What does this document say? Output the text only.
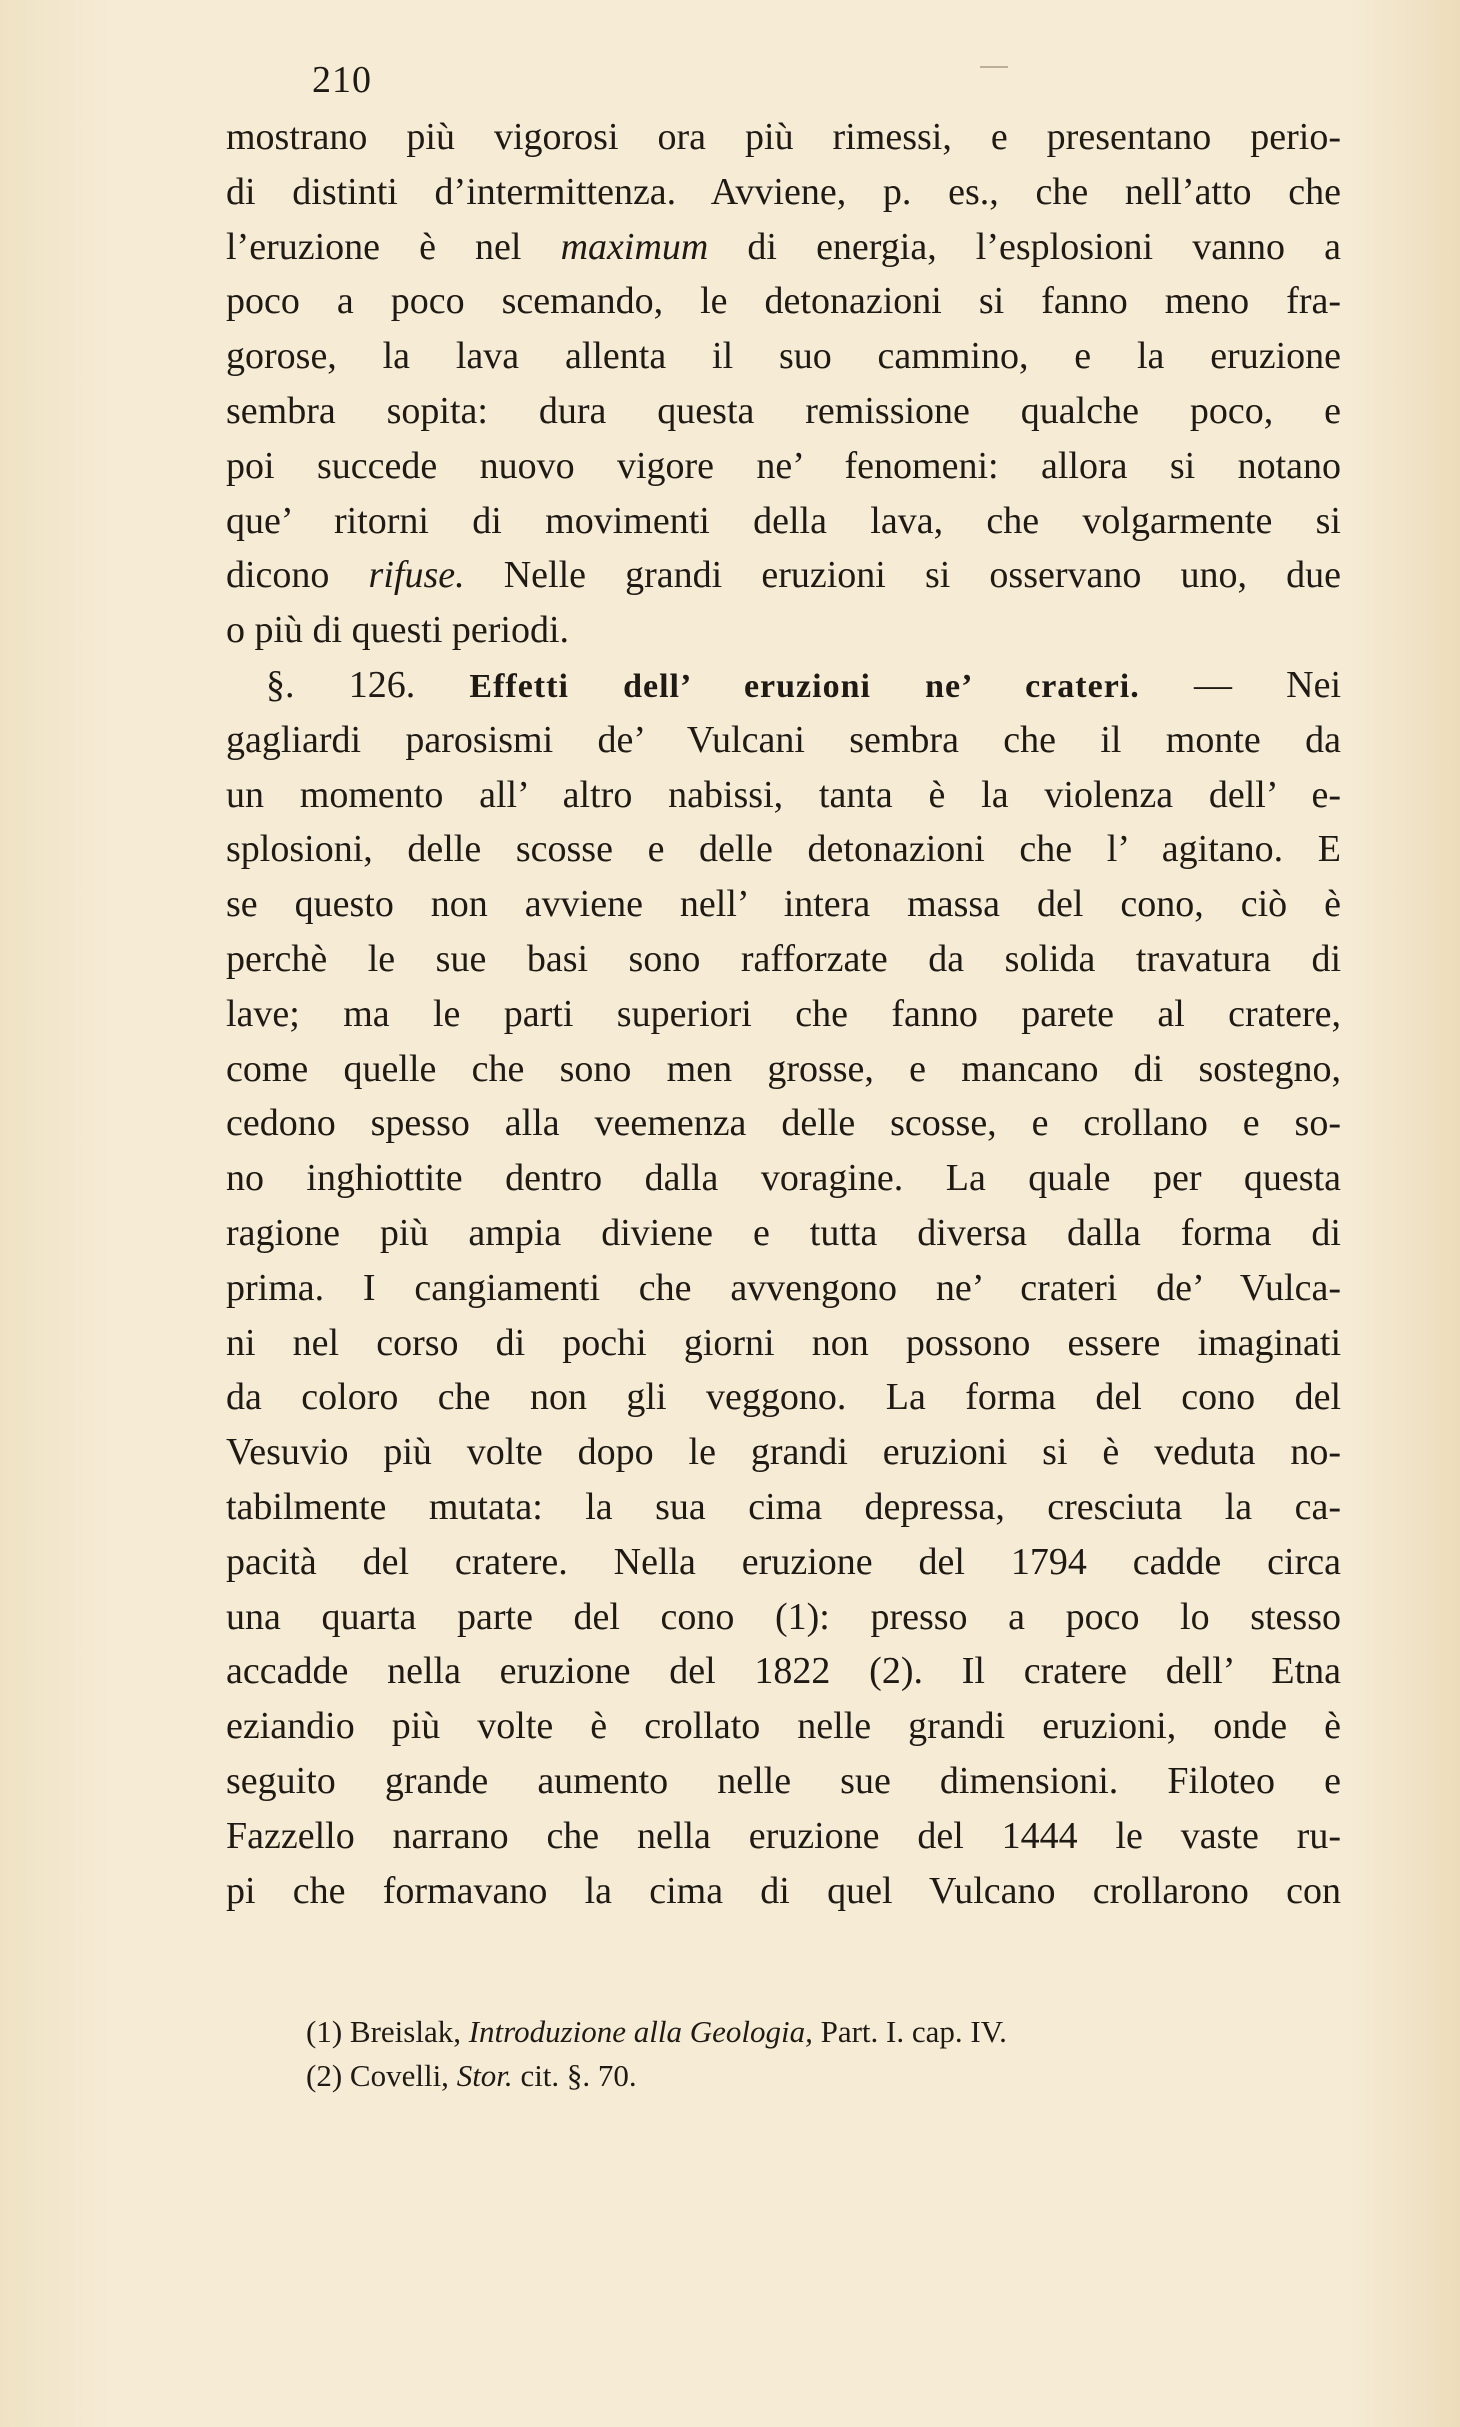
210
mostrano più vigorosi ora più rimessi, e presentano perio-
di distinti d’intermittenza. Avviene, p. es., che nell’atto che
l’eruzione è nel maximum di energia, l’esplosioni vanno a
poco a poco scemando, le detonazioni si fanno meno fra-
gorose, la lava allenta il suo cammino, e la eruzione
sembra sopita: dura questa remissione qualche poco, e
poi succede nuovo vigore ne’ fenomeni: allora si notano
que’ ritorni di movimenti della lava, che volgarmente si
dicono rifuse. Nelle grandi eruzioni si osservano uno, due
o più di questi periodi.
§. 126. Effetti dell’ eruzioni ne’ crateri. — Nei
gagliardi parosismi de’ Vulcani sembra che il monte da
un momento all’ altro nabissi, tanta è la violenza dell’ e-
splosioni, delle scosse e delle detonazioni che l’ agitano. E
se questo non avviene nell’ intera massa del cono, ciò è
perchè le sue basi sono rafforzate da solida travatura di
lave; ma le parti superiori che fanno parete al cratere,
come quelle che sono men grosse, e mancano di sostegno,
cedono spesso alla veemenza delle scosse, e crollano e so-
no inghiottite dentro dalla voragine. La quale per questa
ragione più ampia diviene e tutta diversa dalla forma di
prima. I cangiamenti che avvengono ne’ crateri de’ Vulca-
ni nel corso di pochi giorni non possono essere imaginati
da coloro che non gli veggono. La forma del cono del
Vesuvio più volte dopo le grandi eruzioni si è veduta no-
tabilmente mutata: la sua cima depressa, cresciuta la ca-
pacità del cratere. Nella eruzione del 1794 cadde circa
una quarta parte del cono (1): presso a poco lo stesso
accadde nella eruzione del 1822 (2). Il cratere dell’ Etna
eziandio più volte è crollato nelle grandi eruzioni, onde è
seguito grande aumento nelle sue dimensioni. Filoteo e
Fazzello narrano che nella eruzione del 1444 le vaste ru-
pi che formavano la cima di quel Vulcano crollarono con
(1) Breislak, Introduzione alla Geologia, Part. I. cap. IV.
(2) Covelli, Stor. cit. §. 70.
